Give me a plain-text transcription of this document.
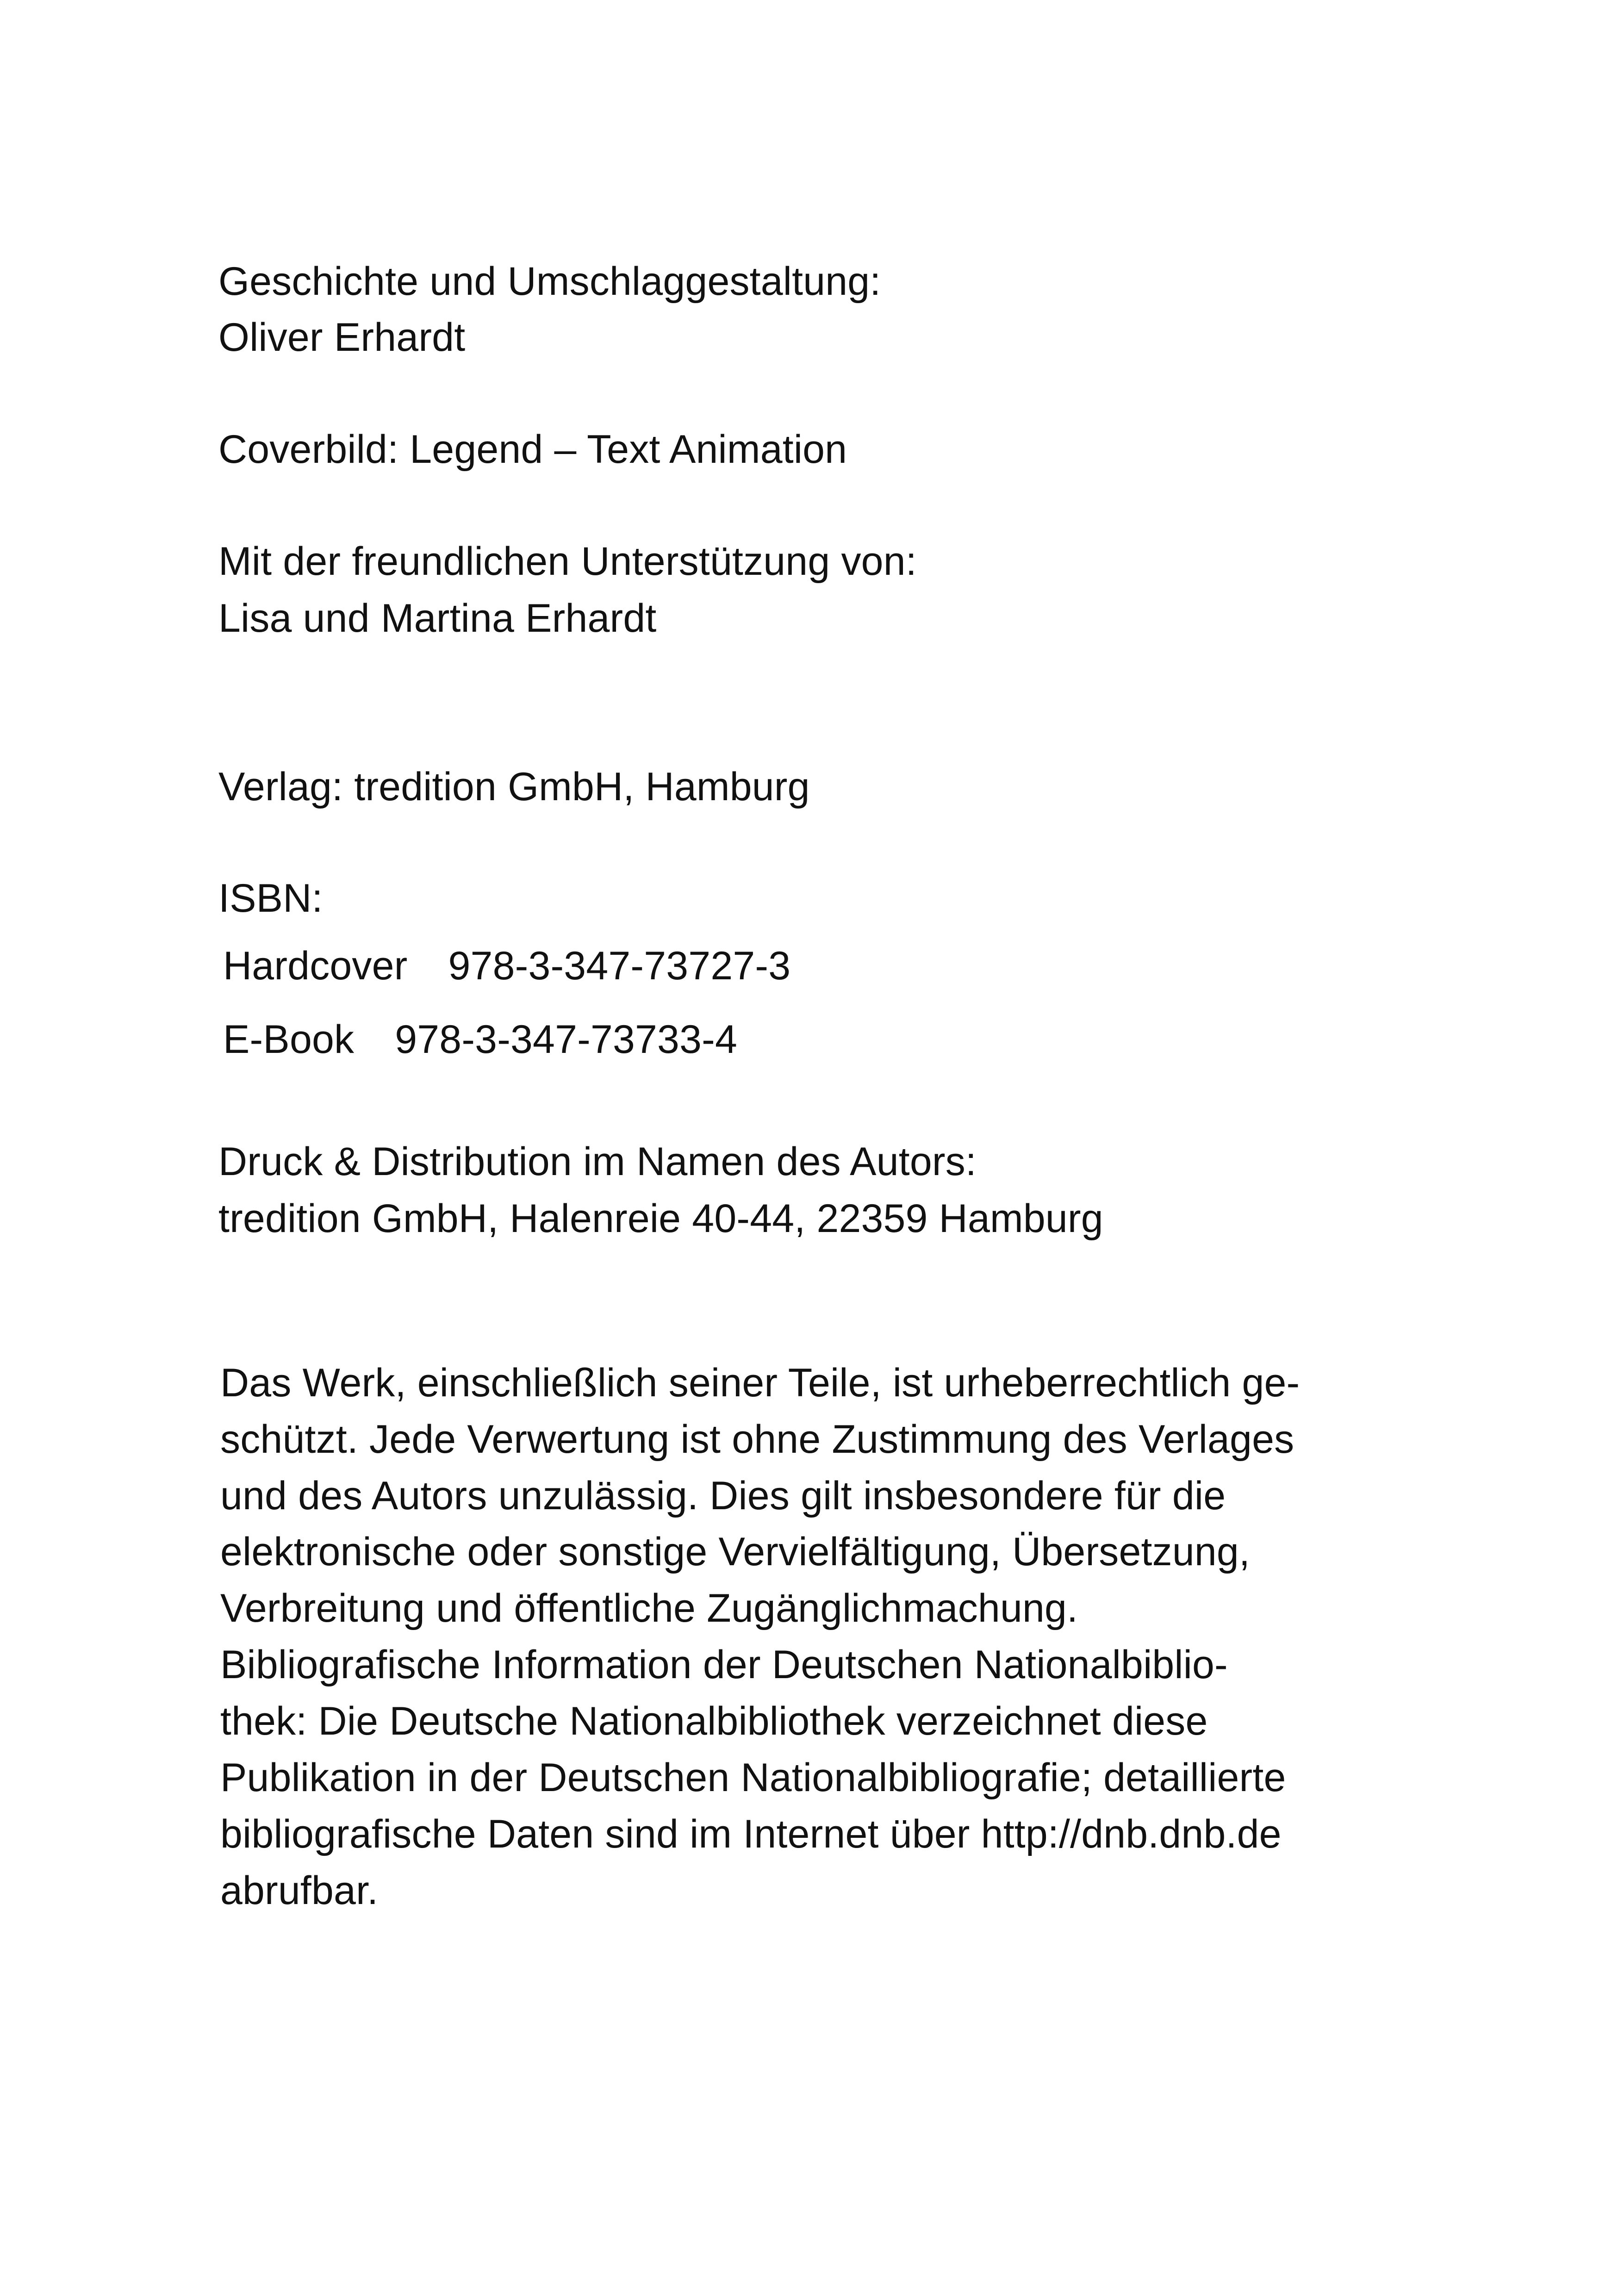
Geschichte und Umschlaggestaltung:
Oliver Erhardt
Coverbild: Legend – Text Animation
Mit der freundlichen Unterstützung von:
Lisa und Martina Erhardt
Verlag: tredition GmbH, Hamburg
ISBN:
Hardcover 978-3-347-73727-3
E-Book 978-3-347-73733-4
Druck & Distribution im Namen des Autors:
tredition GmbH, Halenreie 40-44, 22359 Hamburg
Das Werk, einschließlich seiner Teile, ist urheberrechtlich ge-
schützt. Jede Verwertung ist ohne Zustimmung des Verlages
und des Autors unzulässig. Dies gilt insbesondere für die
elektronische oder sonstige Vervielfältigung, Übersetzung,
Verbreitung und öffentliche Zugänglichmachung.
Bibliografische Information der Deutschen Nationalbiblio-
thek: Die Deutsche Nationalbibliothek verzeichnet diese
Publikation in der Deutschen Nationalbibliografie; detaillierte
bibliografische Daten sind im Internet über http://dnb.dnb.de
abrufbar.
